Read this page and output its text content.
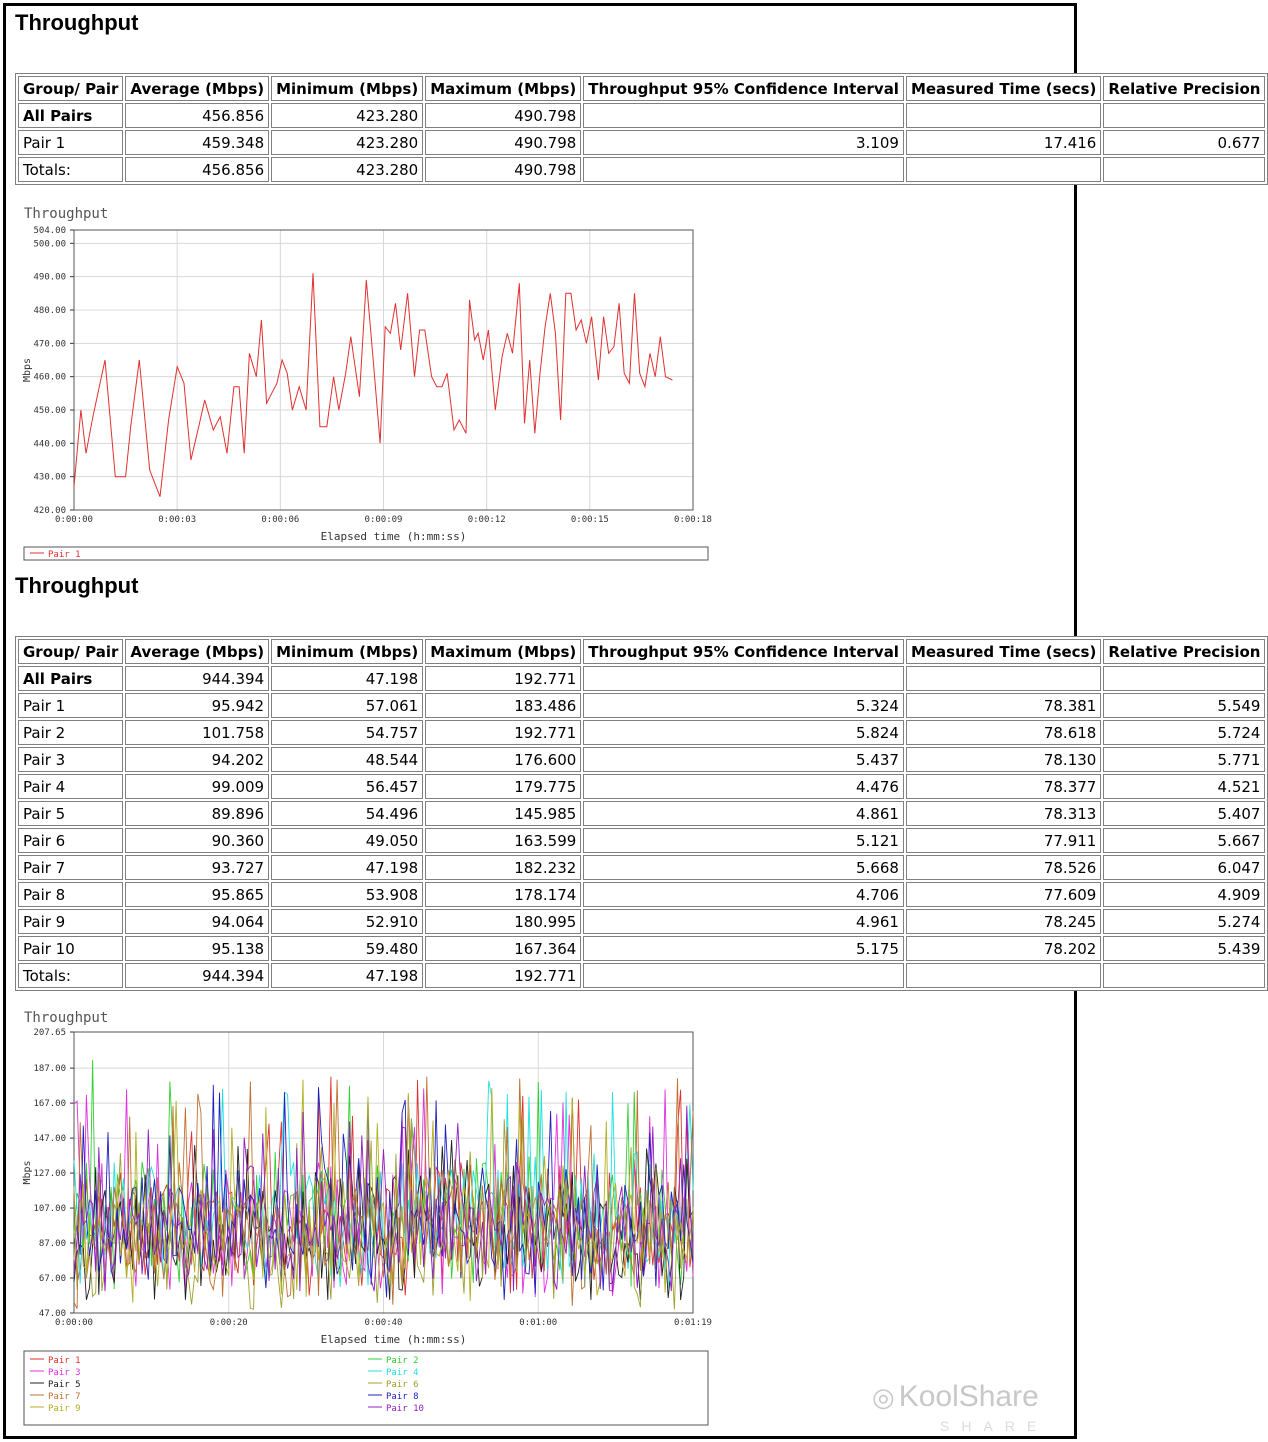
Throughput
Group/ Pair	Average (Mbps)	Minimum (Mbps)	Maximum (Mbps)	Throughput 95% Confidence Interval	Measured Time (secs)	Relative Precision
All Pairs	456.856	423.280	490.798			
Pair 1	459.348	423.280	490.798	3.109	17.416	0.677
Totals:	456.856	423.280	490.798			
Throughput
0:00:00	0:00:03	0:00:06	0:00:09	0:00:12	0:00:15	0:00:18
420.00
430.00
440.00
450.00
460.00
470.00
480.00
490.00
500.00
504.00
Elapsed time (h:mm:ss)
Mbps
Pair 1
Throughput
Group/ Pair	Average (Mbps)	Minimum (Mbps)	Maximum (Mbps)	Throughput 95% Confidence Interval	Measured Time (secs)	Relative Precision
All Pairs	944.394	47.198	192.771			
Pair 1	95.942	57.061	183.486	5.324	78.381	5.549
Pair 2	101.758	54.757	192.771	5.824	78.618	5.724
Pair 3	94.202	48.544	176.600	5.437	78.130	5.771
Pair 4	99.009	56.457	179.775	4.476	78.377	4.521
Pair 5	89.896	54.496	145.985	4.861	78.313	5.407
Pair 6	90.360	49.050	163.599	5.121	77.911	5.667
Pair 7	93.727	47.198	182.232	5.668	78.526	6.047
Pair 8	95.865	53.908	178.174	4.706	77.609	4.909
Pair 9	94.064	52.910	180.995	4.961	78.245	5.274
Pair 10	95.138	59.480	167.364	5.175	78.202	5.439
Totals:	944.394	47.198	192.771			
Throughput
0:00:00	0:00:20	0:00:40	0:01:00	0:01:19
47.00
67.00
87.00
107.00
127.00
147.00
167.00
187.00
207.65
Elapsed time (h:mm:ss)
Mbps
Pair 1	Pair 2
Pair 3	Pair 4
Pair 5	Pair 6
Pair 7	Pair 8
Pair 9	Pair 10	◎ KoolShare
SHARE
